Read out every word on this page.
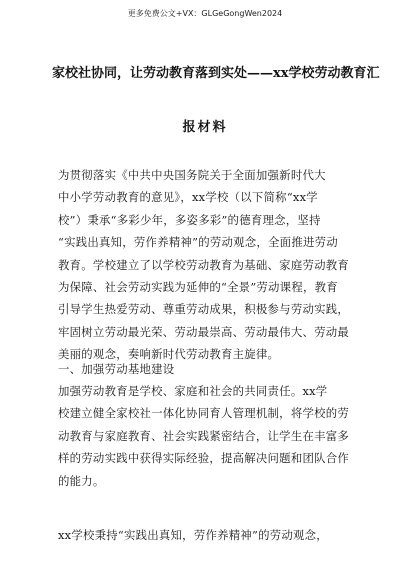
更多免费公文+VX：GLGeGongWen2024
家校社协同，让劳动教育落到实处——xx学校劳动教育汇
报材料
为贯彻落实《中共中央国务院关于全面加强新时代大
中小学劳动教育的意见》，xx学校（以下简称“xx学
校”）秉承“多彩少年，多姿多彩”的德育理念，坚持
“实践出真知，劳作养精神”的劳动观念，全面推进劳动
教育。学校建立了以学校劳动教育为基础、家庭劳动教育
为保障、社会劳动实践为延伸的“全景”劳动课程，教育
引导学生热爱劳动、尊重劳动成果，积极参与劳动实践，
牢固树立劳动最光荣、劳动最崇高、劳动最伟大、劳动最
美丽的观念，奏响新时代劳动教育主旋律。
一、加强劳动基地建设
加强劳动教育是学校、家庭和社会的共同责任。xx学
校建立健全家校社一体化协同育人管理机制，将学校的劳
动教育与家庭教育、社会实践紧密结合，让学生在丰富多
样的劳动实践中获得实际经验，提高解决问题和团队合作
的能力。
xx学校秉持“实践出真知，劳作养精神”的劳动观念，
